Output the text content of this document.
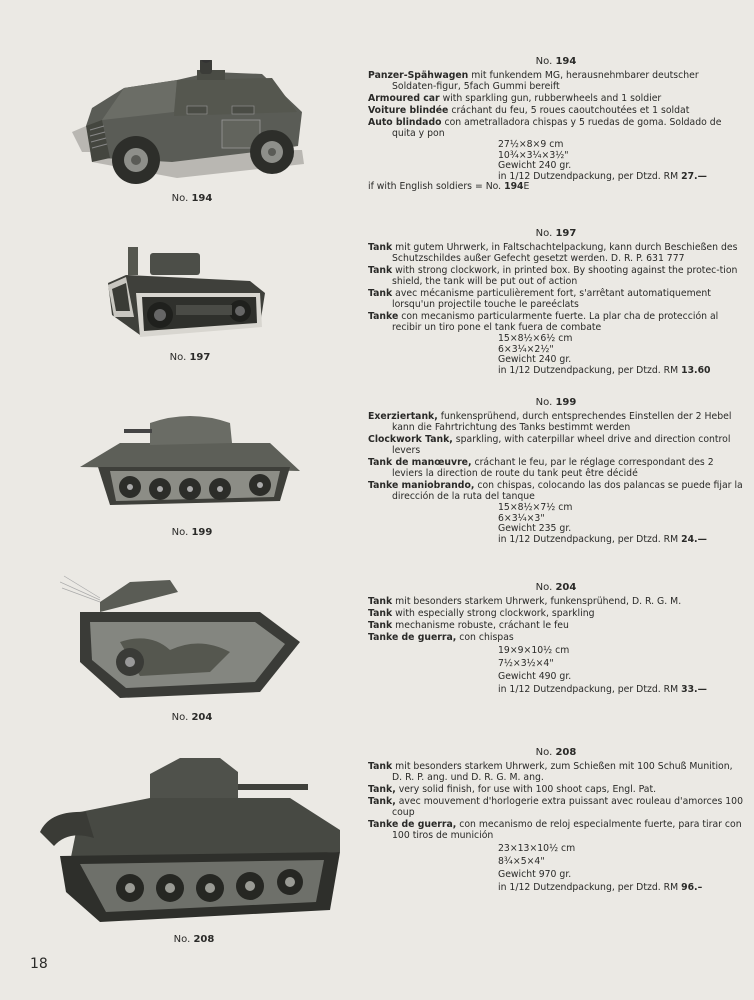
No. 194
No. 197
No. 199
No. 204
No. 208
No. 194
Panzer-Spähwagen mit funkendem MG, herausnehmbarer deutscher Soldaten-figur, 5fach Gummi bereift
Armoured car with sparkling gun, rubberwheels and 1 soldier
Voiture blindée cráchant du feu, 5 roues caoutchoutées et 1 soldat
Auto blindado con ametralladora chispas y 5 ruedas de goma. Soldado de quita y pon
27½×8×9 cm
10¾×3¼×3½"
Gewicht 240 gr.
in 1/12 Dutzendpackung, per Dtzd. RM 27.—
if with English soldiers = No. 194E
No. 197
Tank mit gutem Uhrwerk, in Faltschachtelpackung, kann durch Beschießen des Schutzschildes außer Gefecht gesetzt werden. D. R. P. 631 777
Tank with strong clockwork, in printed box. By shooting against the protec-tion shield, the tank will be put out of action
Tank avec mécanisme particulièrement fort, s'arrêtant automatiquement lorsqu'un projectile touche le pareéclats
Tanke con mecanismo particularmente fuerte. La plar cha de protección al recibir un tiro pone el tank fuera de combate
15×8½×6½ cm
6×3¼×2½"
Gewicht 240 gr.
in 1/12 Dutzendpackung, per Dtzd. RM 13.60
No. 199
Exerziertank, funkensprühend, durch entsprechendes Einstellen der 2 Hebel kann die Fahrtrichtung des Tanks bestimmt werden
Clockwork Tank, sparkling, with caterpillar wheel drive and direction control levers
Tank de manœuvre, cráchant le feu, par le réglage correspondant des 2 leviers la direction de route du tank peut être décidé
Tanke maniobrando, con chispas, colocando las dos palancas se puede fijar la dirección de la ruta del tanque
15×8½×7½ cm
6×3¼×3"
Gewicht 235 gr.
in 1/12 Dutzendpackung, per Dtzd. RM 24.—
No. 204
Tank mit besonders starkem Uhrwerk, funkensprühend, D. R. G. M.
Tank with especially strong clockwork, sparkling
Tank mechanisme robuste, cráchant le feu
Tanke de guerra, con chispas
19×9×10½ cm
7½×3½×4"
Gewicht 490 gr.
in 1/12 Dutzendpackung, per Dtzd. RM 33.—
No. 208
Tank mit besonders starkem Uhrwerk, zum Schießen mit 100 Schuß Munition, D. R. P. ang. und D. R. G. M. ang.
Tank, very solid finish, for use with 100 shoot caps, Engl. Pat.
Tank, avec mouvement d'horlogerie extra puissant avec rouleau d'amorces 100 coup
Tanke de guerra, con mecanismo de reloj especialmente fuerte, para tirar con 100 tiros de munición
23×13×10½ cm
8¾×5×4"
Gewicht 970 gr.
in 1/12 Dutzendpackung, per Dtzd. RM 96.–
18
